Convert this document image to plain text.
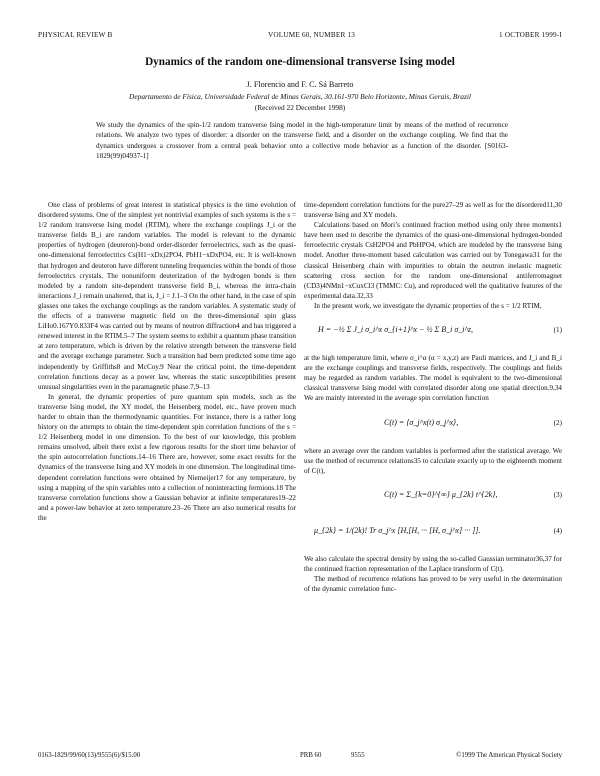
PHYSICAL REVIEW B	VOLUME 60, NUMBER 13	1 OCTOBER 1999-I
Dynamics of the random one-dimensional transverse Ising model
J. Florencio and F. C. Sá Barreto
Departamento de Física, Universidade Federal de Minas Gerais, 30.161-970 Belo Horizonte, Minas Gerais, Brazil
(Received 22 December 1998)
We study the dynamics of the spin-1/2 random transverse Ising model in the high-temperature limit by means of the method of recurrence relations. We analyze two types of disorder: a disorder on the transverse field, and a disorder on the exchange coupling. We find that the dynamics undergoes a crossover from a central peak behavior onto a collective mode behavior as a function of the disorder. [S0163-1829(99)04937-1]

One class of problems of great interest in statistical physics is the time evolution of disordered systems. One of the simplest yet nontrivial examples of such systems is the s = 1/2 random transverse Ising model (RTIM), where the exchange couplings J_i or the transverse fields B_i are random variables. The model is relevant to the dynamic properties of hydrogen (deuteron)-bond order-disorder ferroelectrics, such as the quasi-one-dimensional ferroelectrics Cs(H1−xDx)2PO4, PbH1−xDxPO4, etc. It is well-known that hydrogen and deuteron have different tunneling frequencies within the bonds of those ferroelectrics crystals. The nonuniform deuterization of the hydrogen bonds is then modeled by a random site-dependent transverse field B_i, whereas the intra-chain interactions J_i remain unaltered, that is, J_i = J.1–3 On the other hand, in the case of spin glasses one takes the exchange couplings as the random variables. A systematic study of the effects of a transverse magnetic field on the three-dimensional spin glass LiHo0.167Y0.833F4 was carried out by means of neutron diffraction4 and has triggered a renewed interest in the RTIM.5–7 The system seems to exhibit a quantum phase transition at zero temperature, which is driven by the relative strength between the transverse field and the average exchange parameter. Such a transition had been predicted some time ago independently by Griffiths8 and McCoy.9 Near the critical point, the time-dependent correlation functions decay as a power law, whereas the static susceptibilities present unusual singularities even in the paramagnetic phase.7,9–13

In general, the dynamic properties of pure quantum spin models, such as the transverse Ising model, the XY model, the Heisenberg model, etc., have proven much harder to obtain than the thermodynamic quantities. For instance, there is a rather long history on the attempts to obtain the time-dependent spin correlation functions of the s = 1/2 Heisenberg model in one dimension. To the best of our knowledge, this problem remains unsolved, albeit there exist a few rigorous results for the short time behavior of the spin autocorrelation functions.14–16 There are, however, some exact results for the dynamics of the transverse Ising and XY models in one dimension. The longitudinal time-dependent correlation functions were obtained by Niemeijer17 for any temperature, by using a mapping of the spin variables onto a collection of noninteracting fermions.18 The transverse correlation functions show a Gaussian behavior at infinite temperatures19–22 and a power-law behavior at zero temperature.23–26 There are also numerical results for the

time-dependent correlation functions for the pure27–29 as well as for the disordered11,30 transverse Ising and XY models.

Calculations based on Mori’s continued fraction method using only three moments1 have been used to describe the dynamics of the quasi-one-dimensional hydrogen-bonded ferroelectric crystals CsH2PO4 and PbHPO4, which are modeled by the transverse Ising model. Another three-moment based calculation was carried out by Tonegawa31 for the classical Heisenberg chain with impurities to obtain the neutron inelastic magnetic scattering cross section for the random one-dimensional antiferromagnet (CD3)4NMn1−xCuxCl3 (TMMC: Cu), and reproduced well the qualitative features of the experimental data.32,33

In the present work, we investigate the dynamic properties of the s = 1/2 RTIM,

H = −½ Σ J_i σ_i^x σ_{i+1}^x − ½ Σ B_i σ_i^z,	(1)

at the high temperature limit, where σ_i^α (α = x,y,z) are Pauli matrices, and J_i and B_i are the exchange couplings and transverse fields, respectively. The couplings and fields may be regarded as random variables. The model is equivalent to the two-dimensional classical transverse Ising model with correlated disorder along one spatial direction.9,34 We are mainly interested in the average spin correlation function

C(t) = ⟨σ_j^x(t) σ_j^x⟩,	(2)

where an average over the random variables is performed after the statistical average. We use the method of recurrence relations35 to calculate exactly up to the eighteenth moment of C(t),

C(t) = Σ_{k=0}^{∞} μ_{2k} t^{2k},	(3)
μ_{2k} = 1/(2k)! Tr σ_j^x [H,[H, ··· [H, σ_j^x] ··· ]].	(4)

We also calculate the spectral density by using the so-called Gaussian terminator36,37 for the continued fraction representation of the Laplace transform of C(t).

The method of recurrence relations has proved to be very useful in the determination of the dynamic correlation func-

0163-1829/99/60(13)/9555(6)/$15.00	PRB 60	9555	©1999 The American Physical Society
